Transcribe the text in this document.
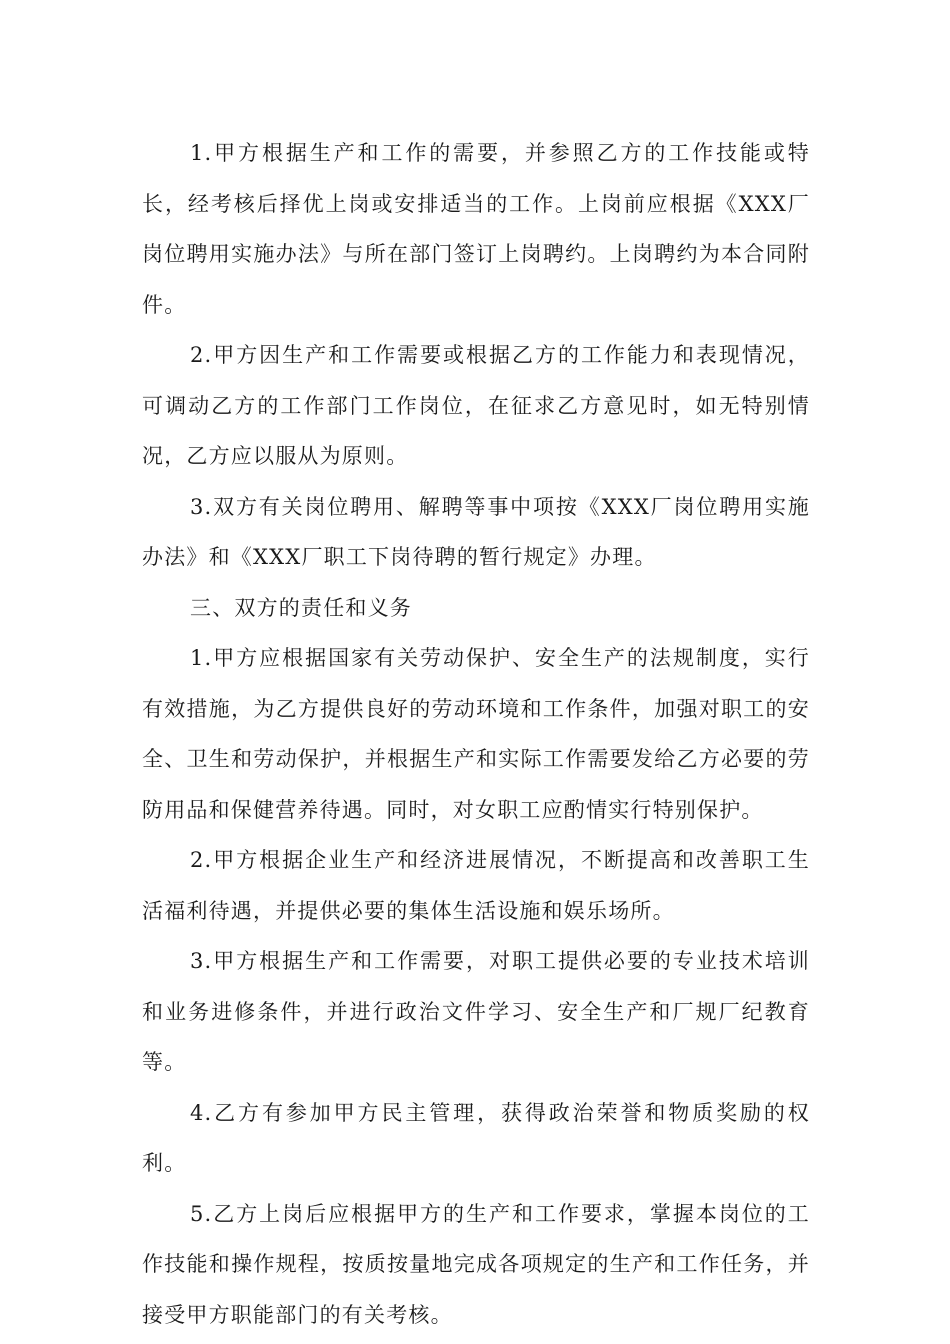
1.甲方根据生产和工作的需要，并参照乙方的工作技能或特长，经考核后择优上岗或安排适当的工作。上岗前应根据《XXX厂岗位聘用实施办法》与所在部门签订上岗聘约。上岗聘约为本合同附件。

2.甲方因生产和工作需要或根据乙方的工作能力和表现情况，可调动乙方的工作部门工作岗位，在征求乙方意见时，如无特别情况，乙方应以服从为原则。

3.双方有关岗位聘用、解聘等事中项按《XXX厂岗位聘用实施办法》和《XXX厂职工下岗待聘的暂行规定》办理。

三、双方的责任和义务

1.甲方应根据国家有关劳动保护、安全生产的法规制度，实行有效措施，为乙方提供良好的劳动环境和工作条件，加强对职工的安全、卫生和劳动保护，并根据生产和实际工作需要发给乙方必要的劳防用品和保健营养待遇。同时，对女职工应酌情实行特别保护。

2.甲方根据企业生产和经济进展情况，不断提高和改善职工生活福利待遇，并提供必要的集体生活设施和娱乐场所。

3.甲方根据生产和工作需要，对职工提供必要的专业技术培训和业务进修条件，并进行政治文件学习、安全生产和厂规厂纪教育等。

4.乙方有参加甲方民主管理，获得政治荣誉和物质奖励的权利。

5.乙方上岗后应根据甲方的生产和工作要求，掌握本岗位的工作技能和操作规程，按质按量地完成各项规定的生产和工作任务，并接受甲方职能部门的有关考核。
